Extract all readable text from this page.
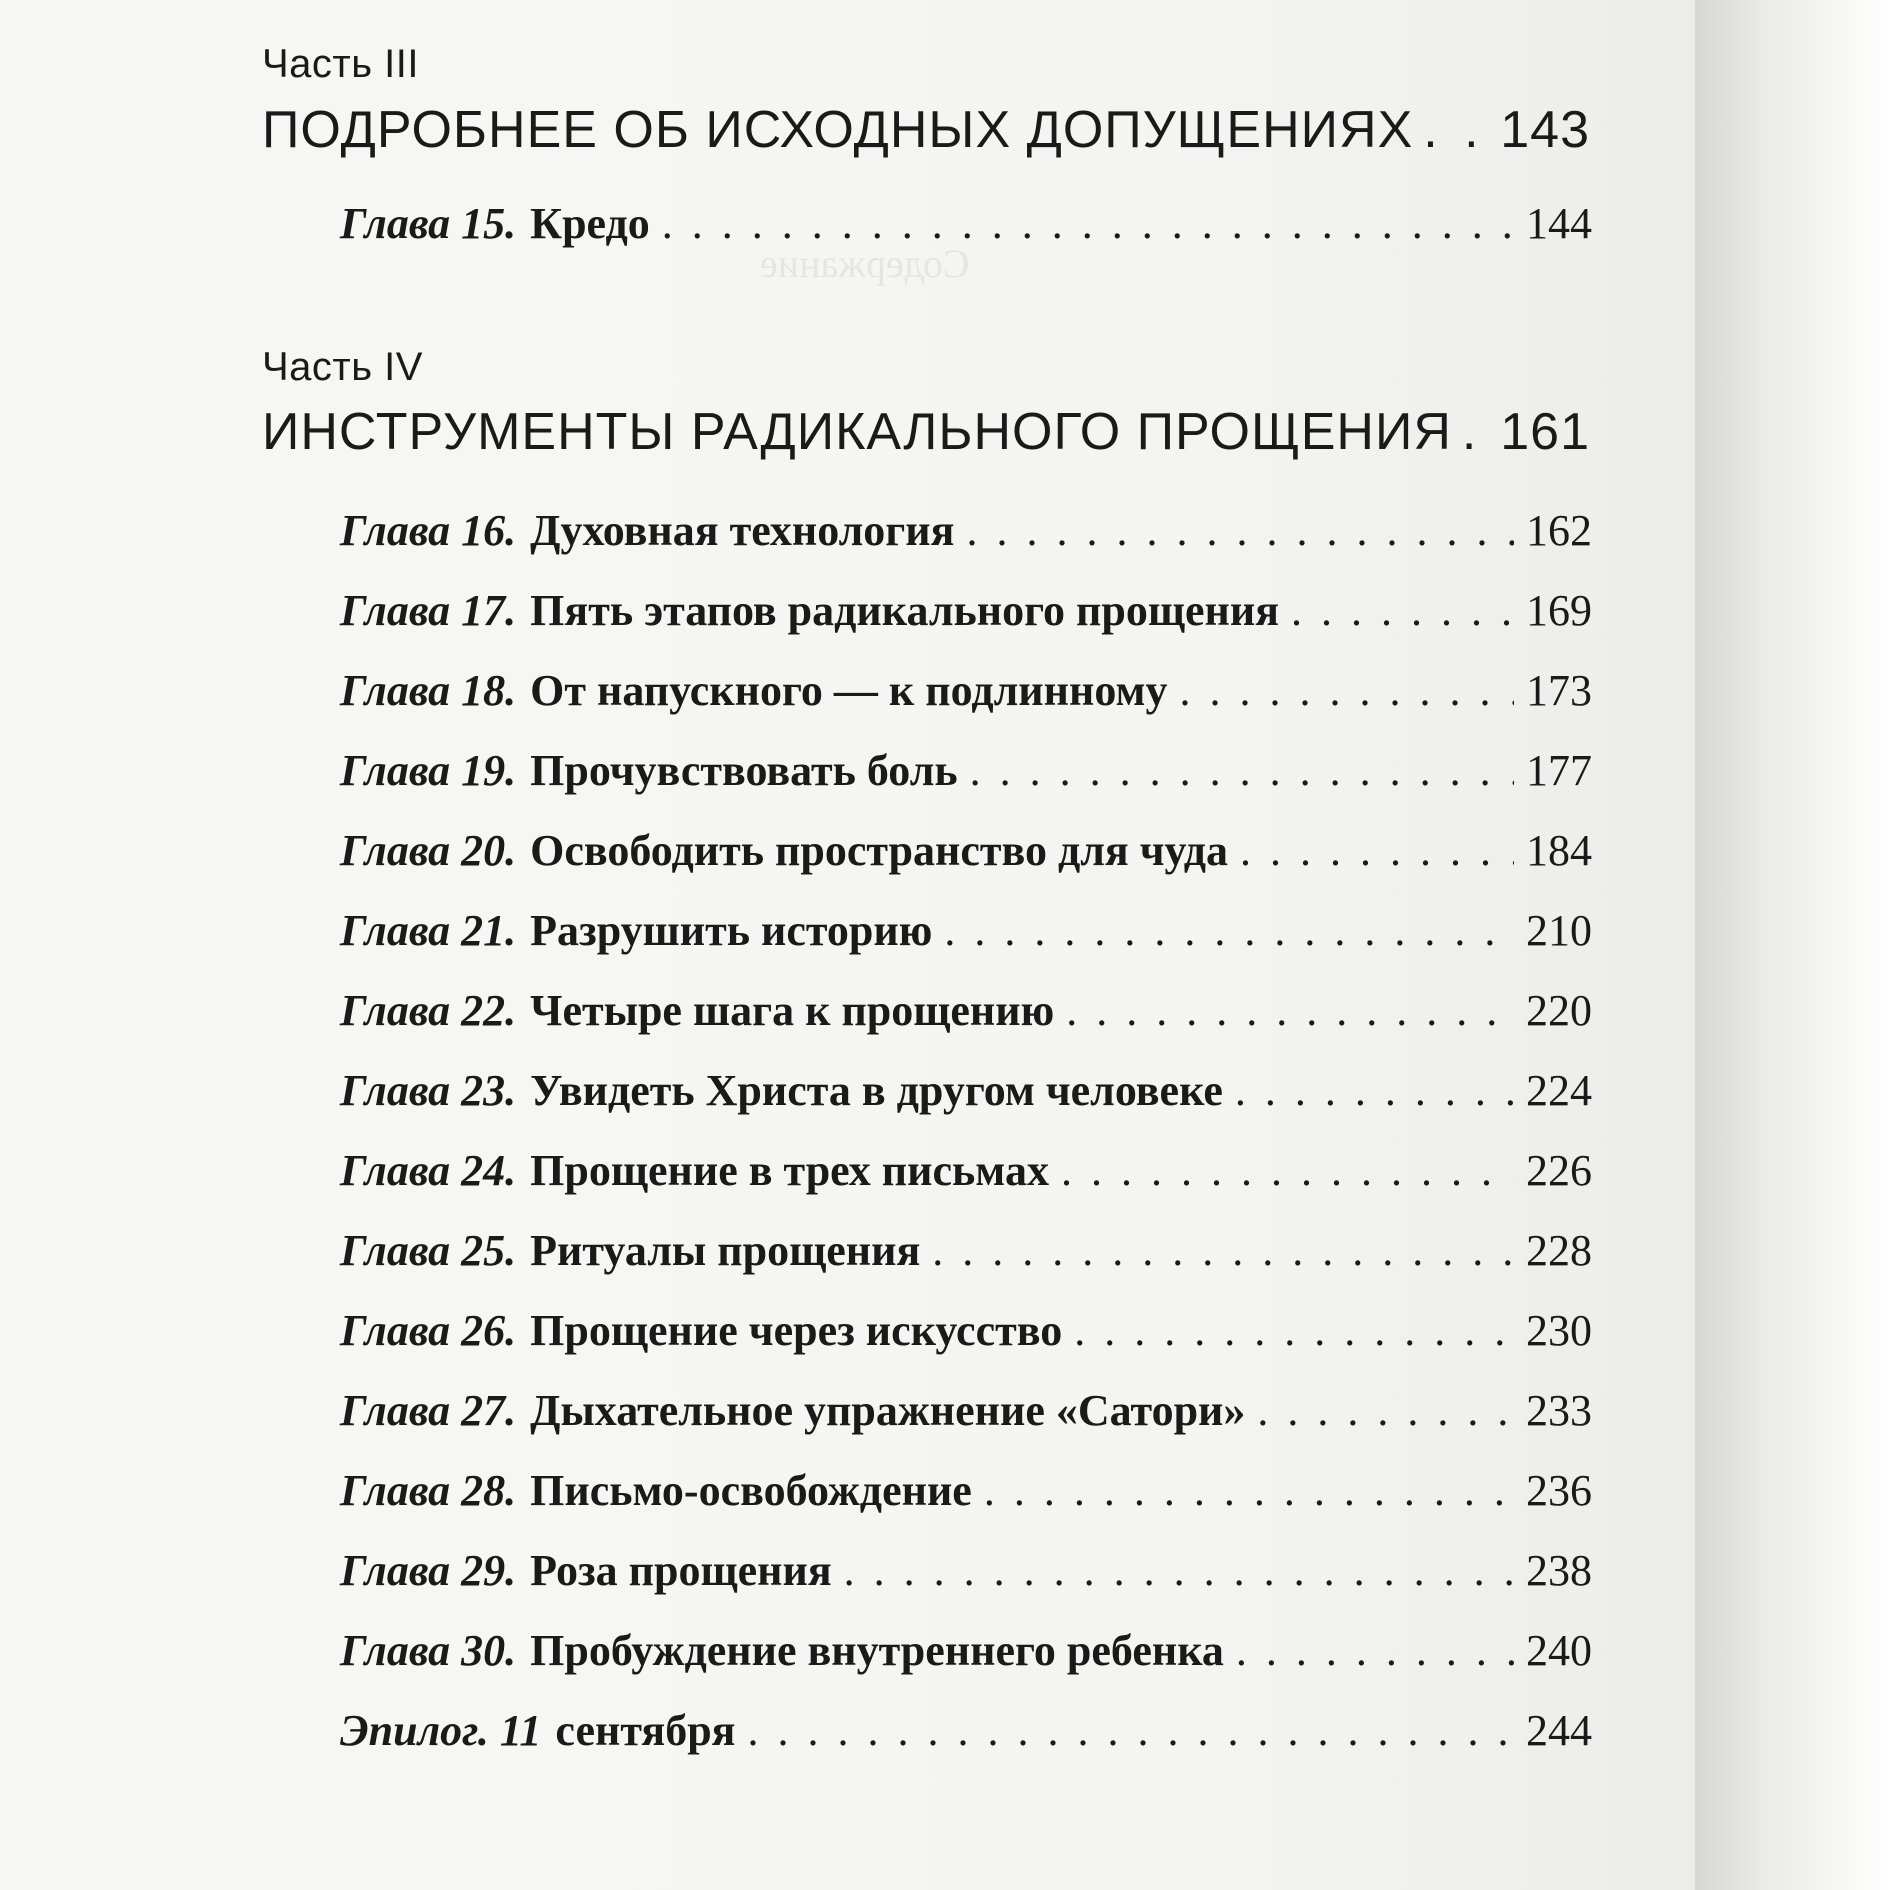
Содержание
Часть III
ПОДРОБНЕЕ ОБ ИСХОДНЫХ ДОПУЩЕНИЯХ . . . 143
Глава 15. Кредо . . .	144
Часть IV
ИНСТРУМЕНТЫ РАДИКАЛЬНОГО ПРОЩЕНИЯ . . . 161
Глава 16. Духовная технология . . .	162
Глава 17. Пять этапов радикального прощения . . .	169
Глава 18. От напускного — к подлинному . . .	173
Глава 19. Прочувствовать боль . . .	177
Глава 20. Освободить пространство для чуда . . .	184
Глава 21. Разрушить историю . . .	210
Глава 22. Четыре шага к прощению . . .	220
Глава 23. Увидеть Христа в другом человеке . . .	224
Глава 24. Прощение в трех письмах . . .	226
Глава 25. Ритуалы прощения . . .	228
Глава 26. Прощение через искусство . . .	230
Глава 27. Дыхательное упражнение «Сатори» . . .	233
Глава 28. Письмо-освобождение . . .	236
Глава 29. Роза прощения . . .	238
Глава 30. Пробуждение внутреннего ребенка . . .	240
Эпилог. 11 сентября . . .	244
